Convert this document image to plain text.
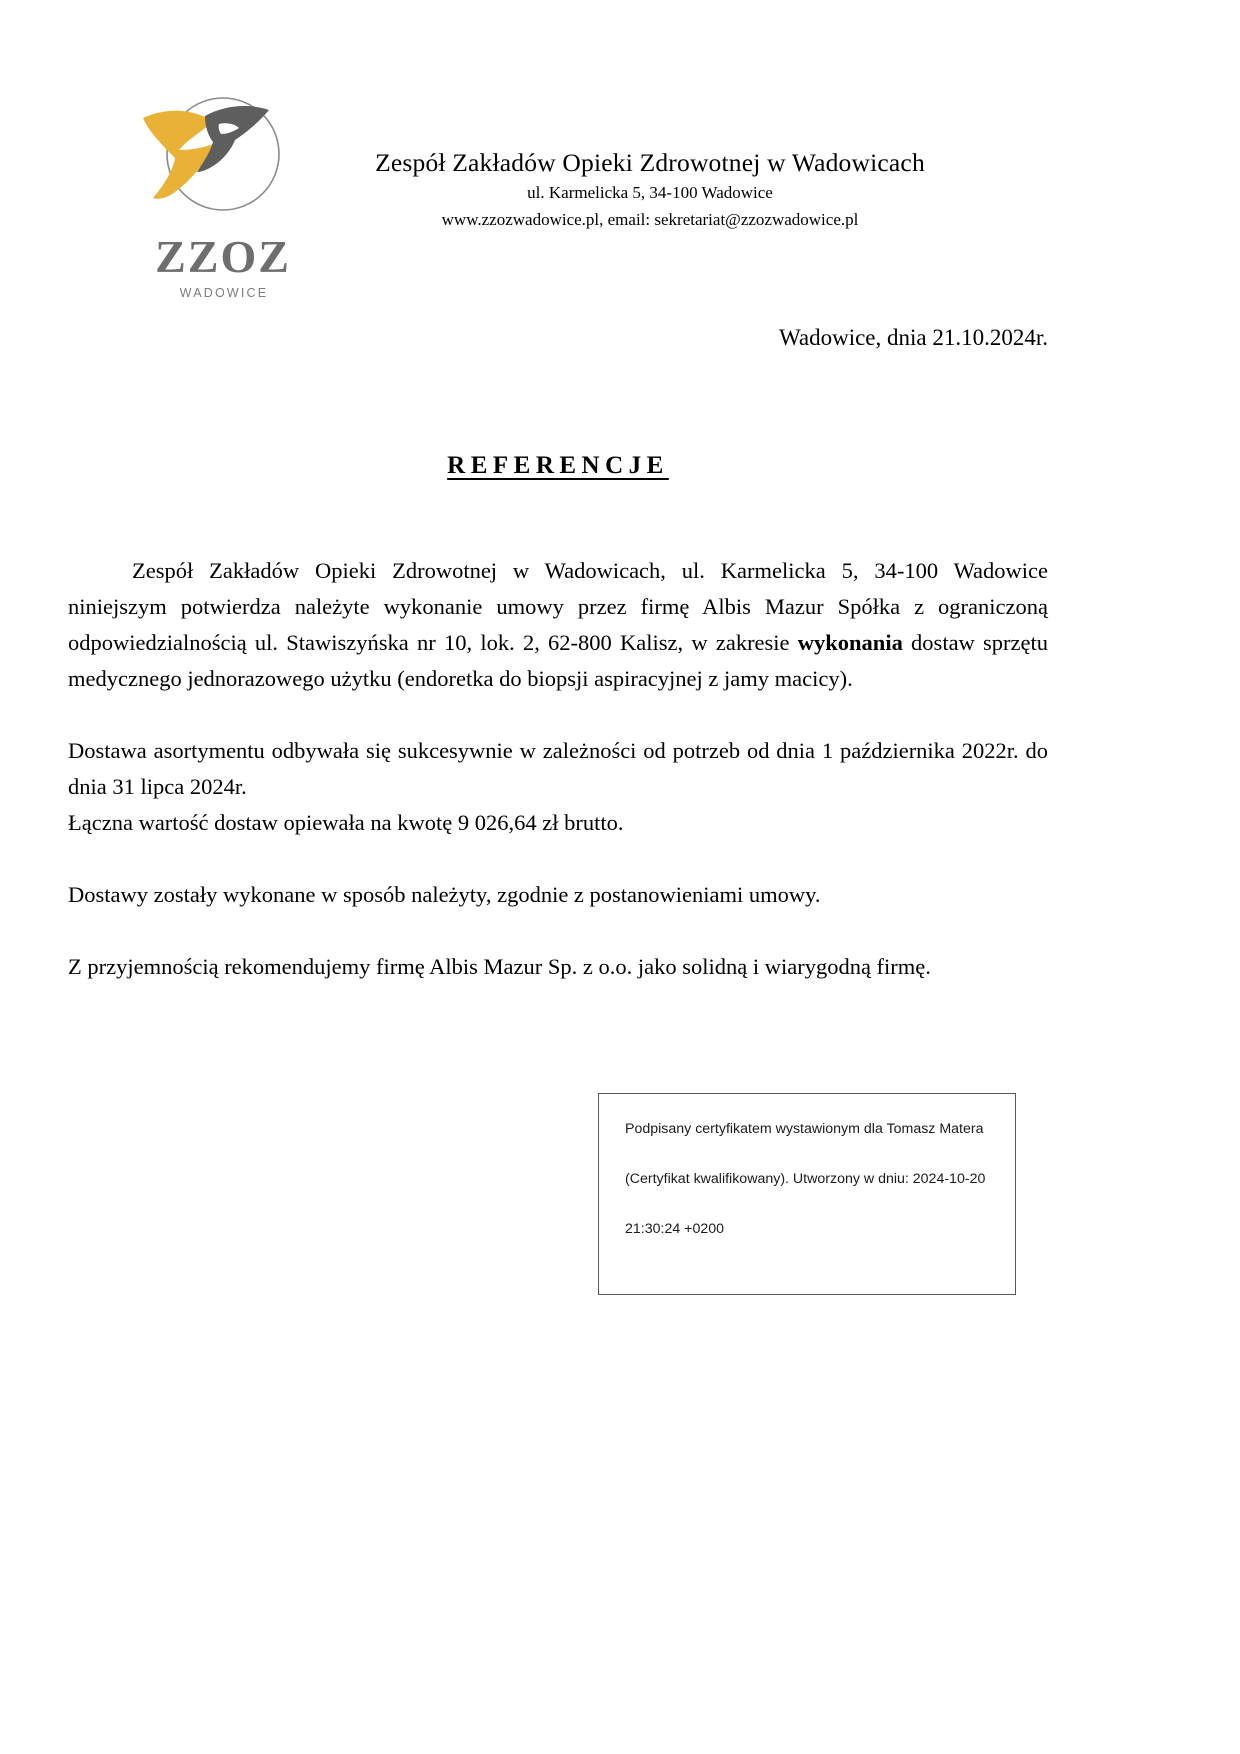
ZZOZ
WADOWICE
Zespół Zakładów Opieki Zdrowotnej w Wadowicach
ul. Karmelicka 5, 34-100 Wadowice
www.zzozwadowice.pl, email: sekretariat@zzozwadowice.pl
Wadowice, dnia 21.10.2024r.
REFERENCJE

Zespół Zakładów Opieki Zdrowotnej w Wadowicach, ul. Karmelicka 5, 34-100 Wadowice niniejszym potwierdza należyte wykonanie umowy przez firmę Albis Mazur Spółka z ograniczoną odpowiedzialnością ul. Stawiszyńska nr 10, lok. 2, 62-800 Kalisz, w zakresie wykonania dostaw sprzętu medycznego jednorazowego użytku (endoretka do biopsji aspiracyjnej z jamy macicy).

Dostawa asortymentu odbywała się sukcesywnie w zależności od potrzeb od dnia 1 października 2022r. do dnia 31 lipca 2024r.

Łączna wartość dostaw opiewała na kwotę 9 026,64 zł brutto.

Dostawy zostały wykonane w sposób należyty, zgodnie z postanowieniami umowy.

Z przyjemnością rekomendujemy firmę Albis Mazur Sp. z o.o. jako solidną i wiarygodną firmę.

Podpisany certyfikatem wystawionym dla Tomasz Matera
(Certyfikat kwalifikowany). Utworzony w dniu: 2024-10-20
21:30:24 +0200
